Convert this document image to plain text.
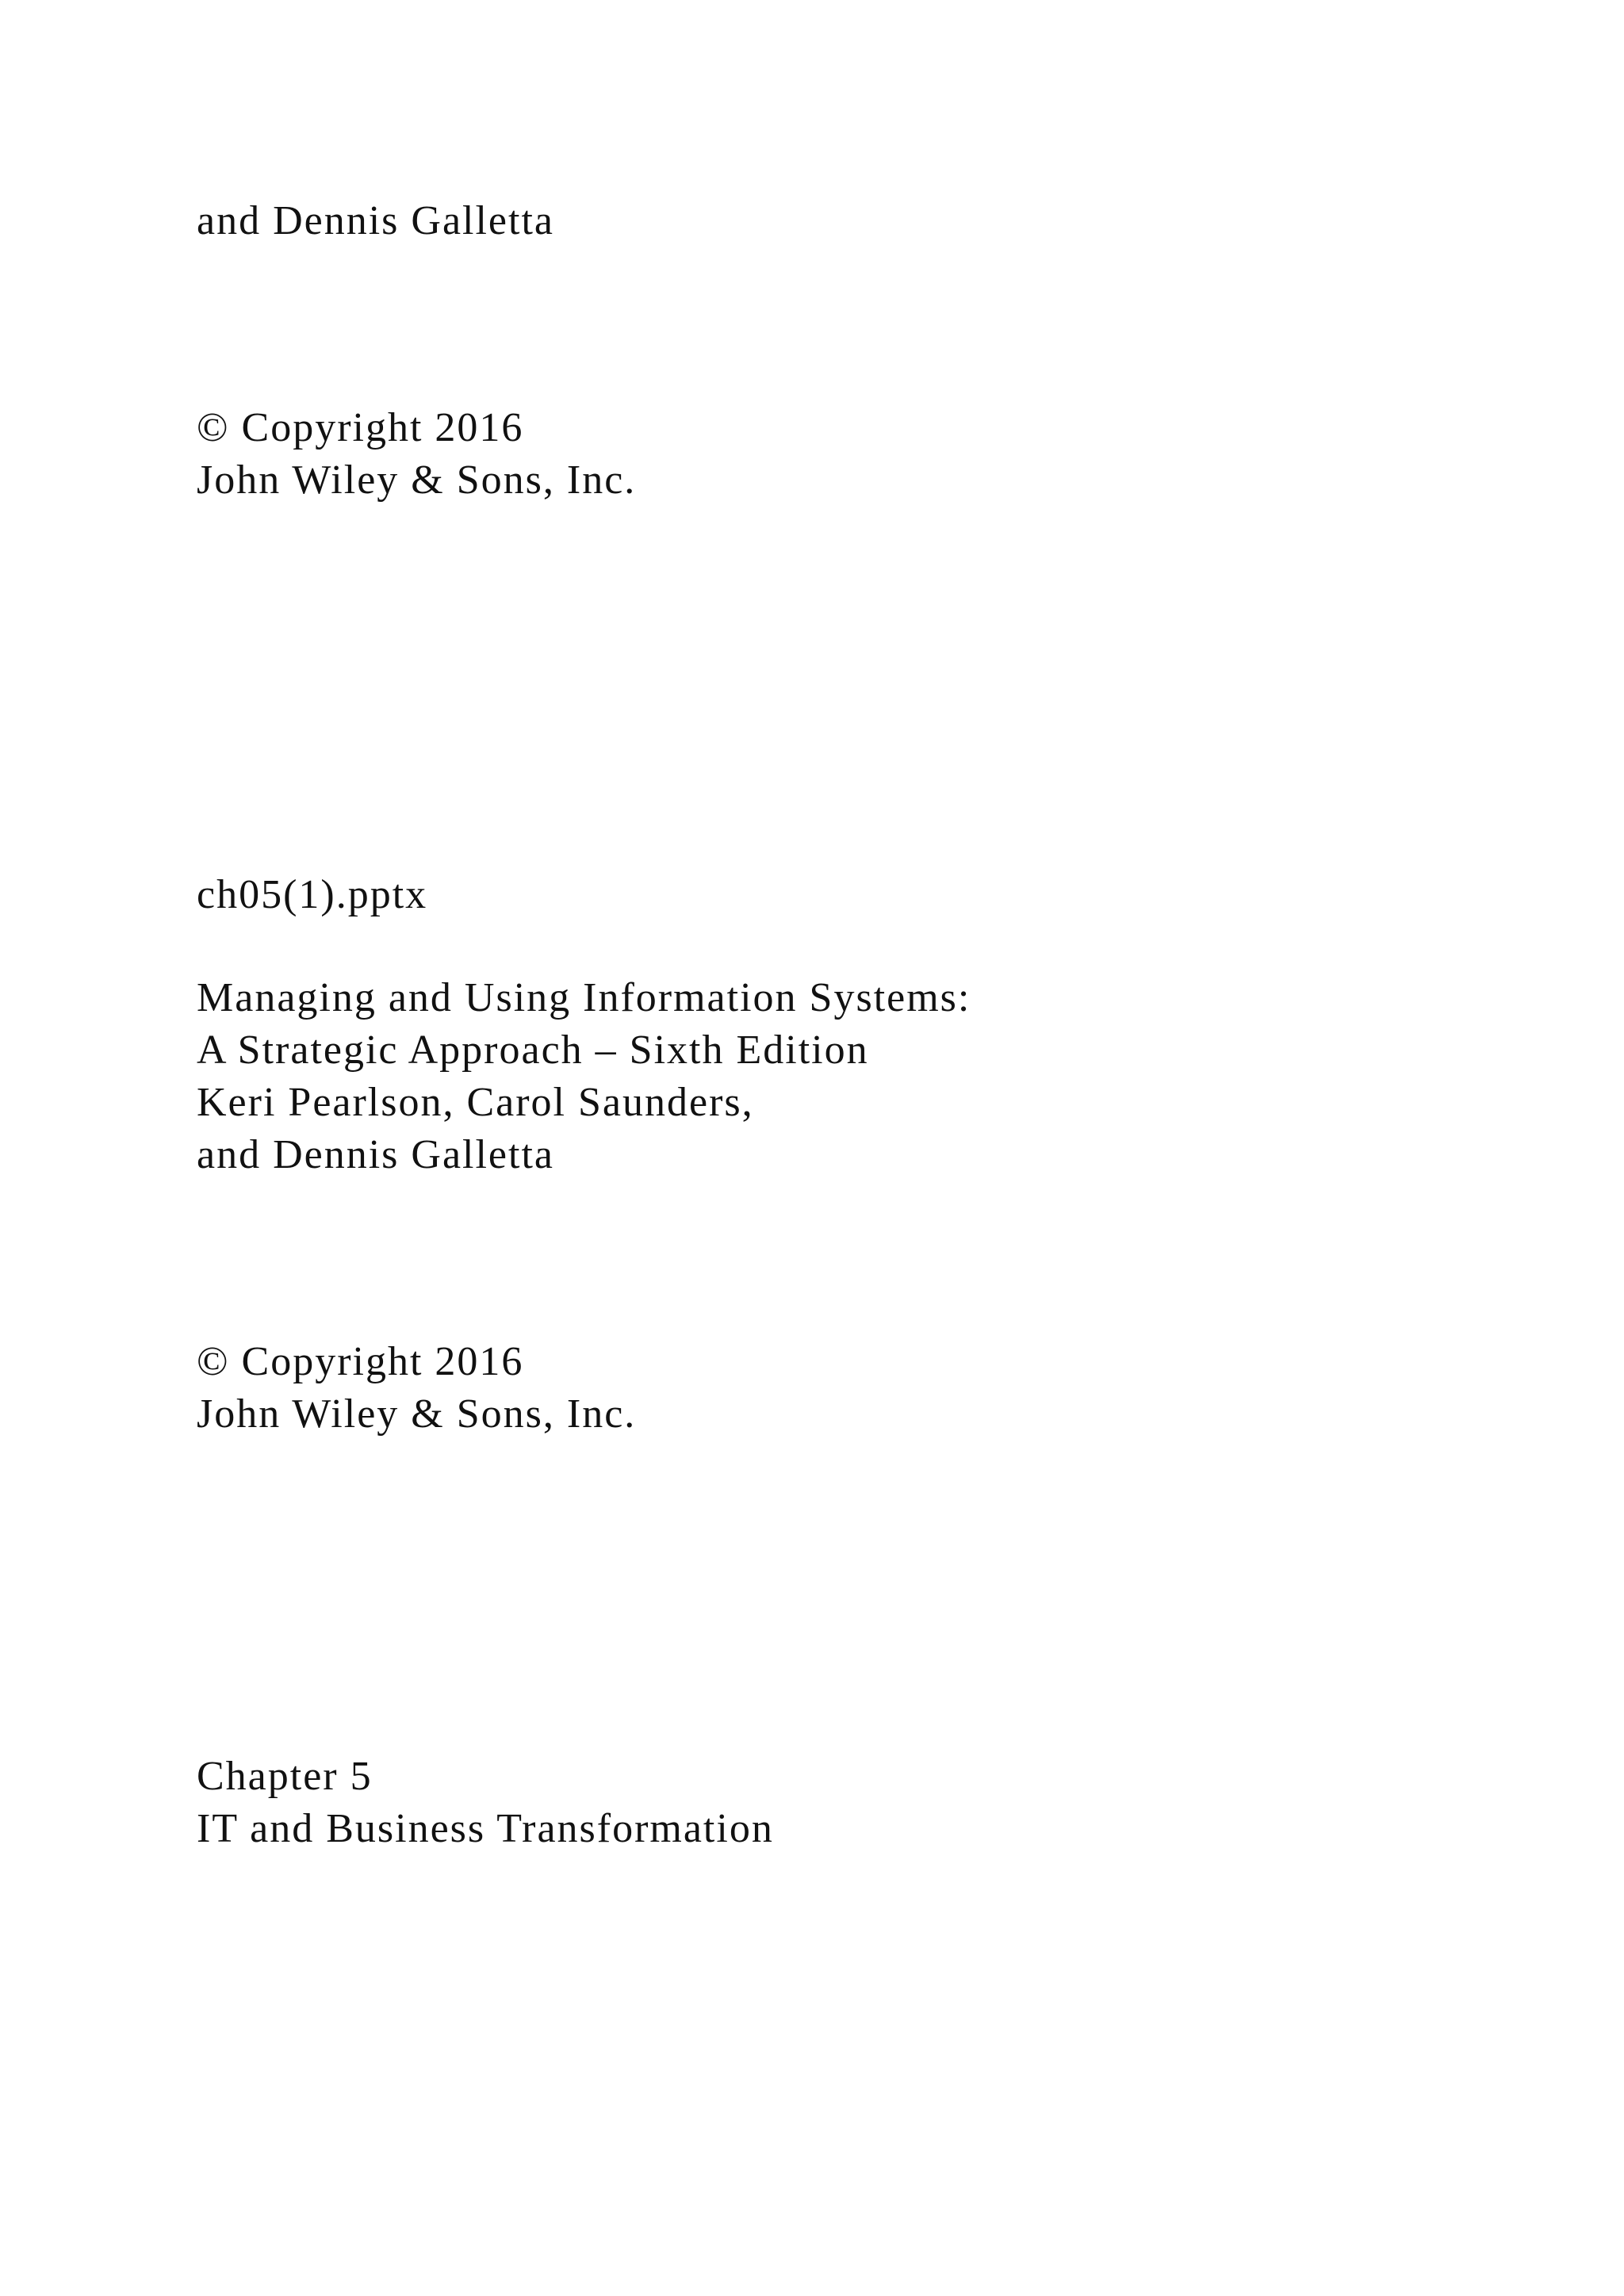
and Dennis Galletta
© Copyright 2016
John Wiley & Sons, Inc.
ch05(1).pptx
Managing and Using Information Systems:
A Strategic Approach – Sixth Edition
Keri Pearlson, Carol Saunders,
and Dennis Galletta
© Copyright 2016
John Wiley & Sons, Inc.
Chapter 5
IT and Business Transformation
